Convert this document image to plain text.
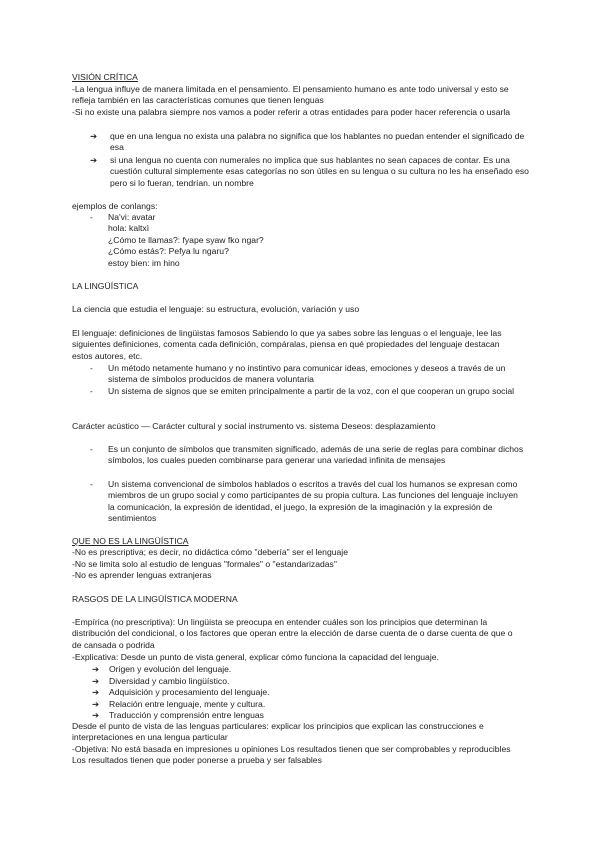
VISIÓN CRÍTICA
-La lengua influye de manera limitada en el pensamiento. El pensamiento humano es ante todo universal y esto se refleja también en las características comunes que tienen lenguas
-Si no existe una palabra siempre nos vamos a poder referir a otras entidades para poder hacer referencia o usarla
➔ que en una lengua no exista una palabra no significa que los hablantes no puedan entender el significado de esa
➔ si una lengua no cuenta con numerales no implica que sus hablantes no sean capaces de contar. Es una cuestión cultural simplemente esas categorías no son útiles en su lengua o su cultura no les ha enseñado eso pero si lo fueran, tendrían. un nombre
ejemplos de conlangs:
- Na'vi: avatar
hola: kaltxì
¿Cómo te llamas?: fyape syaw fko ngar?
¿Cómo estás?: Pefya lu ngaru?
estoy bien: im hino
LA LINGÜÍSTICA
La ciencia que estudia el lenguaje: su estructura, evolución, variación y uso
El lenguaje: definiciones de lingüistas famosos Sabiendo lo que ya sabes sobre las lenguas o el lenguaje, lee las siguientes definiciones, comenta cada definición, compáralas, piensa en qué propiedades del lenguaje destacan estos autores, etc.
- Un método netamente humano y no instintivo para comunicar ideas, emociones y deseos a través de un sistema de símbolos producidos de manera voluntaria
- Un sistema de signos que se emiten principalmente a partir de la voz, con el que cooperan un grupo social
Carácter acústico — Carácter cultural y social instrumento vs. sistema Deseos: desplazamiento
- Es un conjunto de símbolos que transmiten significado, además de una serie de reglas para combinar dichos símbolos, los cuales pueden combinarse para generar una variedad infinita de mensajes
- Un sistema convencional de símbolos hablados o escritos a través del cual los humanos se expresan como miembros de un grupo social y como participantes de su propia cultura. Las funciones del lenguaje incluyen la comunicación, la expresión de identidad, el juego, la expresión de la imaginación y la expresión de sentimientos
QUE NO ES LA LINGÜÍSTICA
-No es prescriptiva; es decir, no didáctica cómo "debería" ser el lenguaje
-No se limita solo al estudio de lenguas "formales" o "estandarizadas"
-No es aprender lenguas extranjeras
RASGOS DE LA LINGÜÍSTICA MODERNA
-Empírica (no prescriptiva): Un lingüista se preocupa en entender cuáles son los principios que determinan la distribución del condicional, o los factores que operan entre la elección de darse cuenta de o darse cuenta de que o de cansada o podrida
-Explicativa: Desde un punto de vista general, explicar cómo funciona la capacidad del lenguaje.
➔ Origen y evolución del lenguaje.
➔ Diversidad y cambio lingüístico.
➔ Adquisición y procesamiento del lenguaje.
➔ Relación entre lenguaje, mente y cultura.
➔ Traducción y comprensión entre lenguas
Desde el punto de vista de las lenguas particulares: explicar los principios que explican las construcciones e interpretaciones en una lengua particular
-Objetiva: No está basada en impresiones u opiniones Los resultados tienen que ser comprobables y reproducibles Los resultados tienen que poder ponerse a prueba y ser falsables
